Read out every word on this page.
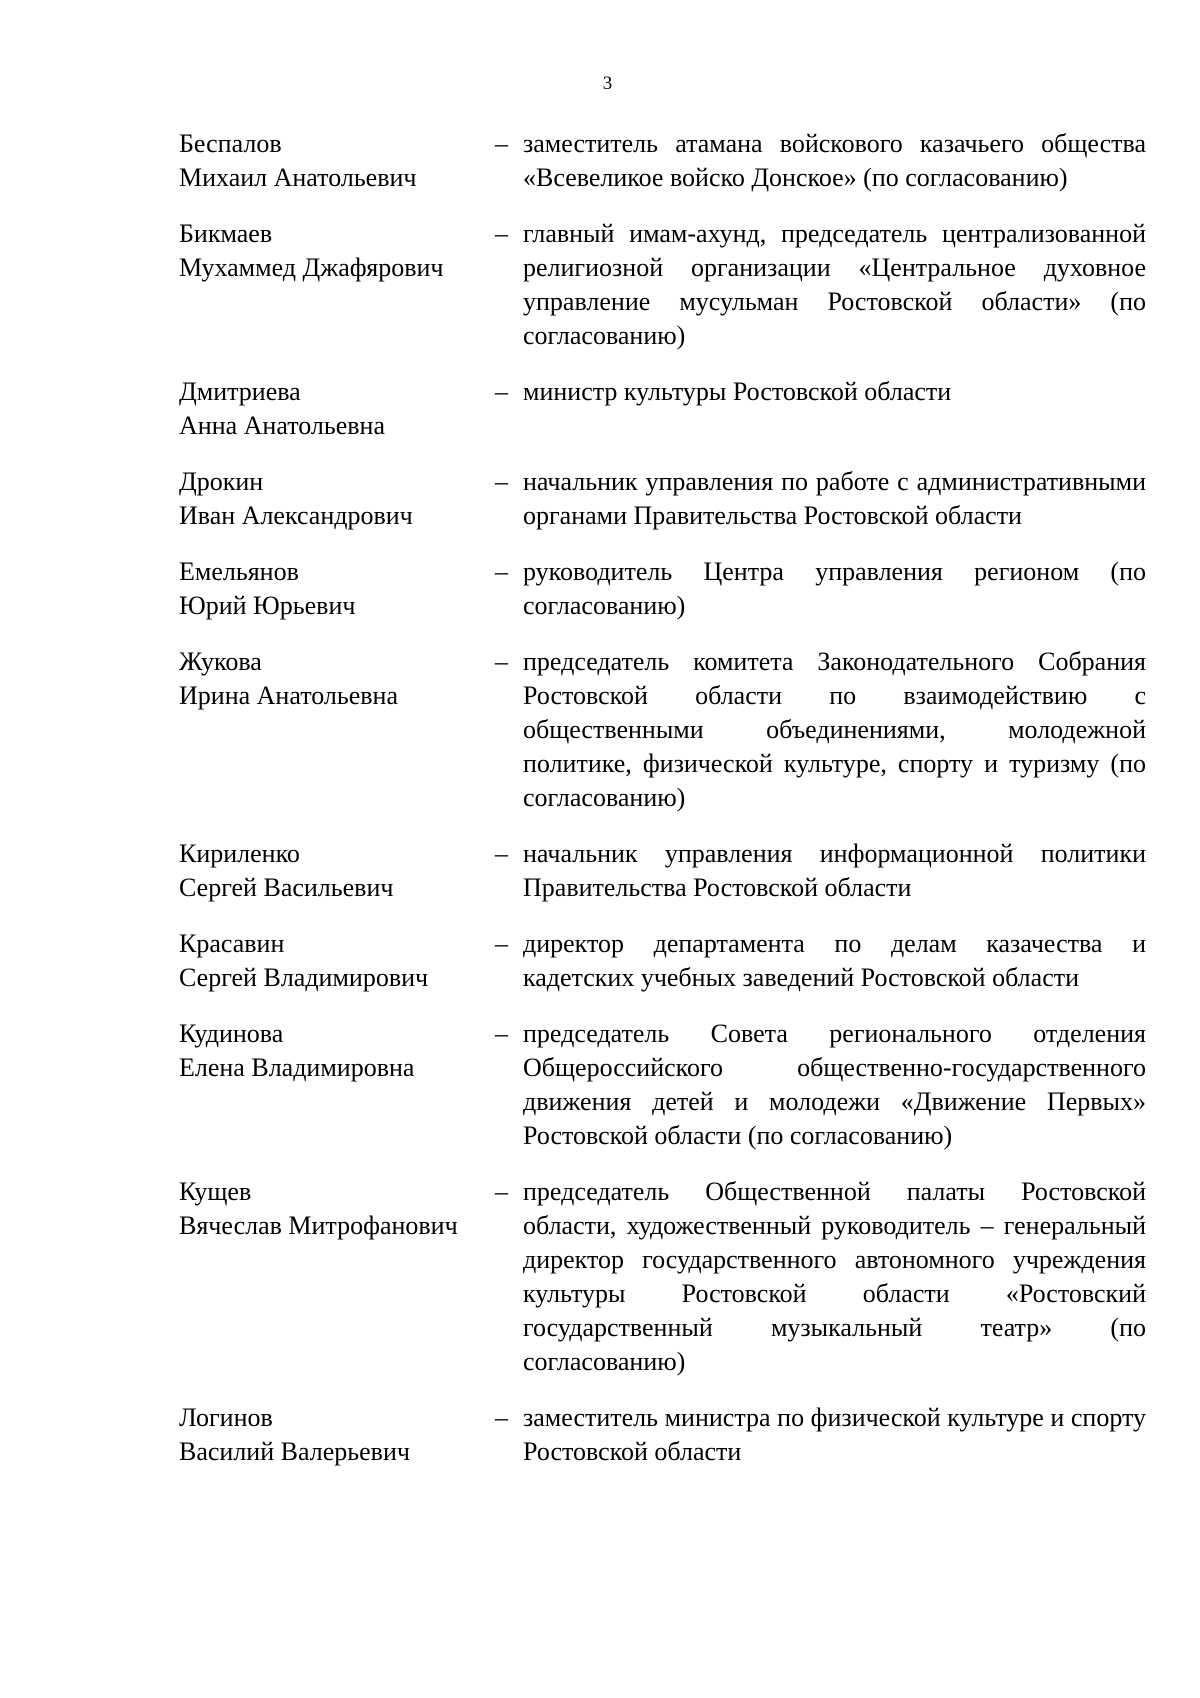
3
Беспалов
Михаил Анатольевич
– заместитель атамана войскового казачьего общества «Всевеликое войско Донское» (по согласованию)
Бикмаев
Мухаммед Джафярович
– главный имам-ахунд, председатель централизованной религиозной организации «Центральное духовное управление мусульман Ростовской области» (по согласованию)
Дмитриева
Анна Анатольевна
– министр культуры Ростовской области
Дрокин
Иван Александрович
– начальник управления по работе с административными органами Правительства Ростовской области
Емельянов
Юрий Юрьевич
– руководитель Центра управления регионом (по согласованию)
Жукова
Ирина Анатольевна
– председатель комитета Законодательного Собрания Ростовской области по взаимодействию с общественными объединениями, молодежной политике, физической культуре, спорту и туризму (по согласованию)
Кириленко
Сергей Васильевич
– начальник управления информационной политики Правительства Ростовской области
Красавин
Сергей Владимирович
– директор департамента по делам казачества и кадетских учебных заведений Ростовской области
Кудинова
Елена Владимировна
– председатель Совета регионального отделения Общероссийского общественно-государственного движения детей и молодежи «Движение Первых» Ростовской области (по согласованию)
Кущев
Вячеслав Митрофанович
– председатель Общественной палаты Ростовской области, художественный руководитель – генеральный директор государственного автономного учреждения культуры Ростовской области «Ростовский государственный музыкальный театр» (по согласованию)
Логинов
Василий Валерьевич
– заместитель министра по физической культуре и спорту Ростовской области
